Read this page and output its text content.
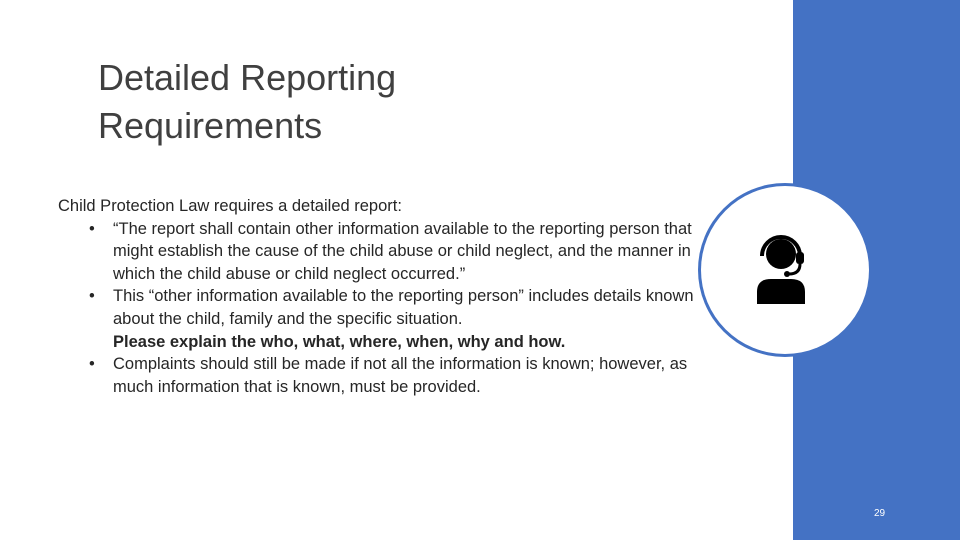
Detailed Reporting
Requirements
Child Protection Law requires a detailed report:
• “The report shall contain other information available to the reporting person that might establish the cause of the child abuse or child neglect, and the manner in which the child abuse or child neglect occurred.”
• This “other information available to the reporting person” includes details known about the child, family and the specific situation.
Please explain the who, what, where, when, why and how.
• Complaints should still be made if not all the information is known; however, as much information that is known, must be provided.
29
